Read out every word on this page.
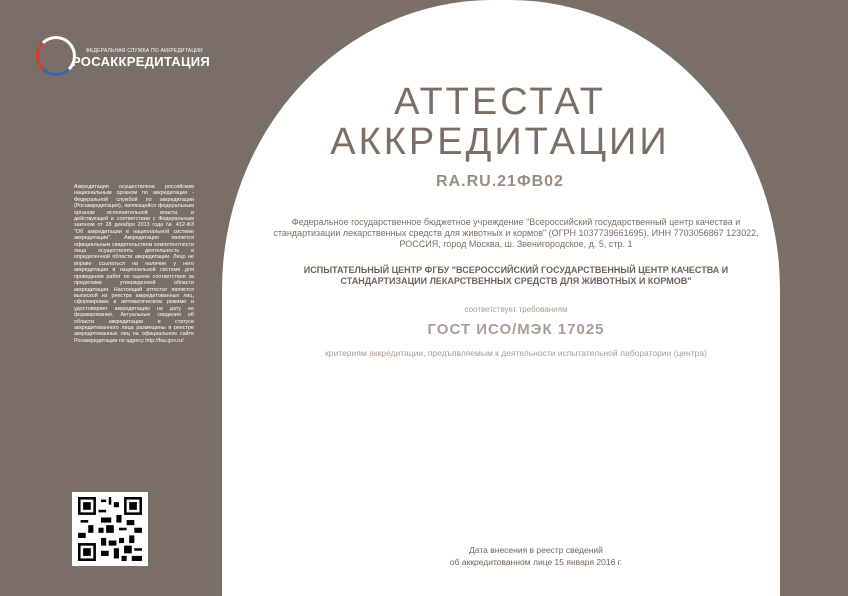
ФЕДЕРАЛЬНАЯ СЛУЖБА ПО АККРЕДИТАЦИИ
РОСАККРЕДИТАЦИЯ
Аккредитация осуществлена российским национальным органом по аккредитации - Федеральной службой по аккредитации (Росаккредитация), являющейся федеральным органом исполнительной власти, и действующей в соответствии с Федеральным законом от 28 декабря 2013 года № 412-ФЗ "Об аккредитации в национальной системе аккредитации". Аккредитация является официальным свидетельством компетентности лица осуществлять деятельность в определенной области аккредитации. Лицо не вправе ссылаться на наличие у него аккредитации в национальной системе для проведения работ по оценке соответствия за пределами утвержденной области аккредитации. Настоящий аттестат является выпиской из реестра аккредитованных лиц, сформирован в автоматическом режиме и удостоверяет аккредитацию на дату ее формирования. Актуальные сведения об области аккредитации и статусе аккредитованного лица размещены в реестре аккредитованных лиц на официальном сайте Росаккредитации по адресу http://fsa.gov.ru/
АТТЕСТАТ
АККРЕДИТАЦИИ
RA.RU.21ФВ02
Федеральное государственное бюджетное учреждение "Всероссийский государственный центр качества и стандартизации лекарственных средств для животных и кормов" (ОГРН 1037739661695), ИНН 7703056867 123022, РОССИЯ, город Москва, ш. Звенигородское, д. 5, стр. 1
ИСПЫТАТЕЛЬНЫЙ ЦЕНТР ФГБУ "ВСЕРОССИЙСКИЙ ГОСУДАРСТВЕННЫЙ ЦЕНТР КАЧЕСТВА И СТАНДАРТИЗАЦИИ ЛЕКАРСТВЕННЫХ СРЕДСТВ ДЛЯ ЖИВОТНЫХ И КОРМОВ"
соответствует требованиям
ГОСТ ИСО/МЭК 17025
критериям аккредитации, предъявляемым к деятельности испытательной лаборатории (центра)
Дата внесения в реестр сведений
об аккредитованном лице 15 января 2016 г.
